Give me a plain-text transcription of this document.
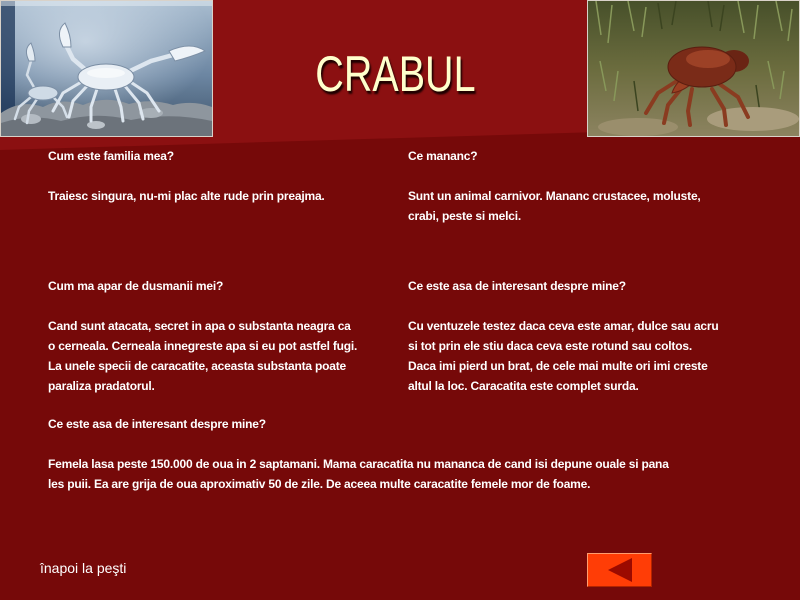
CRABUL
Cum este familia mea?
Traiesc singura, nu-mi plac alte rude prin preajma.
Ce mananc?
Sunt un animal carnivor. Mananc crustacee, moluste,
crabi, peste si melci.
Cum ma apar de dusmanii mei?
Cand sunt atacata, secret in apa o substanta neagra ca
o cerneala. Cerneala innegreste apa si eu pot astfel fugi.
La unele specii de caracatite, aceasta substanta poate
paraliza pradatorul.
Ce este asa de interesant despre mine?
Cu ventuzele testez daca ceva este amar, dulce sau acru
si tot prin ele stiu daca ceva este rotund sau coltos.
Daca imi pierd un brat, de cele mai multe ori imi creste
altul la loc. Caracatita este complet surda.
Ce este asa de interesant despre mine?
Femela lasa peste 150.000 de oua in 2 saptamani. Mama caracatita nu mananca de cand isi depune ouale si pana
les puii. Ea are grija de oua aproximativ 50 de zile. De aceea multe caracatite femele mor de foame.
înapoi la peşti
